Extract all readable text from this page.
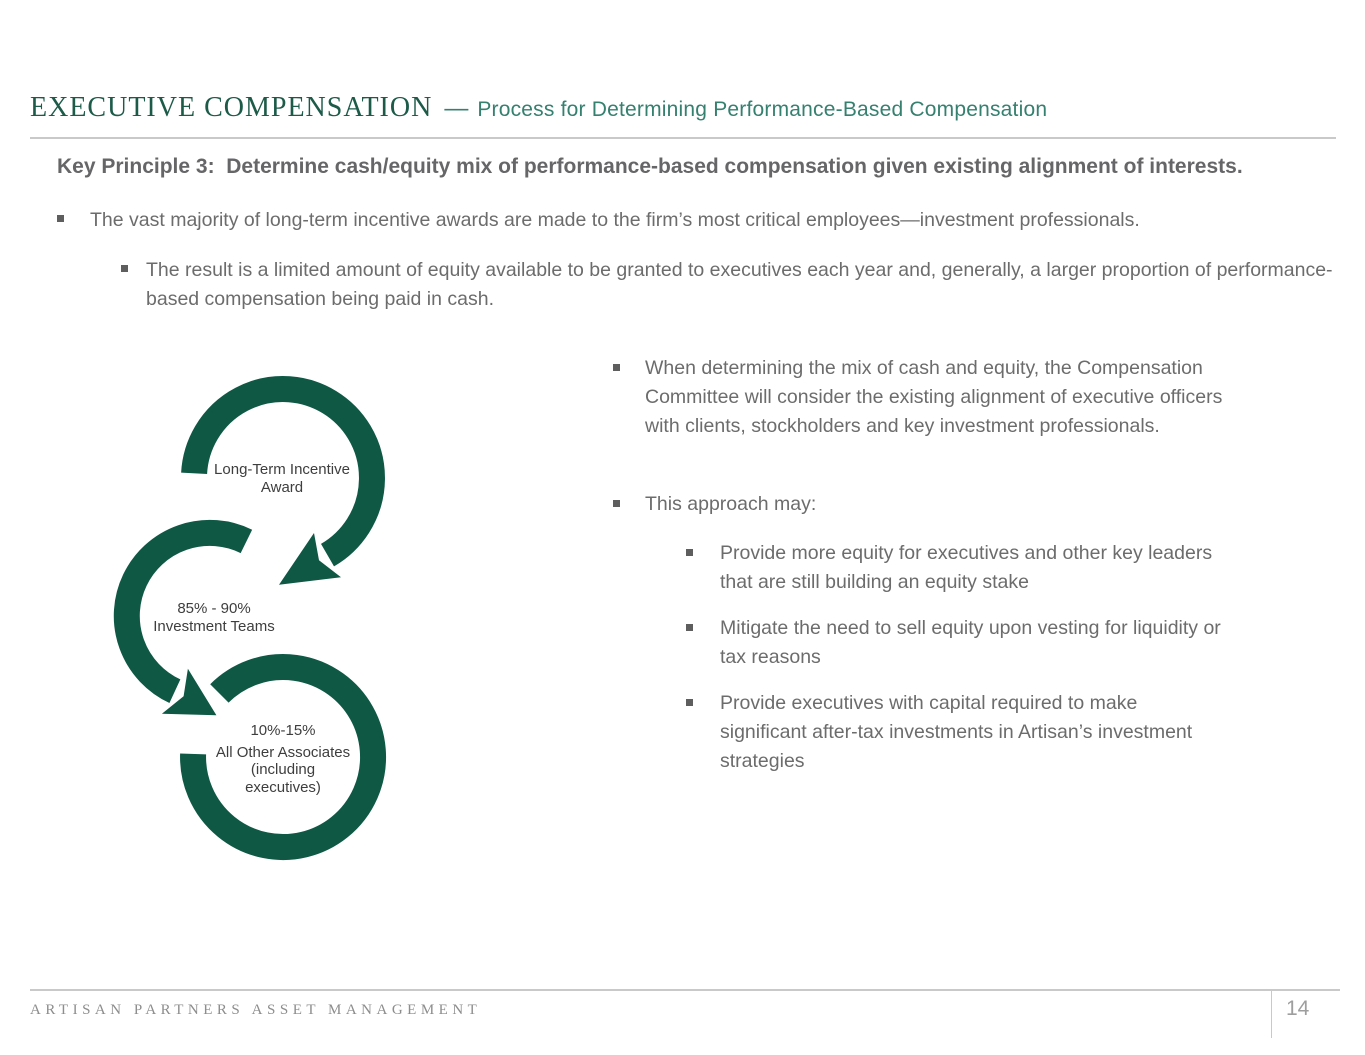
EXECUTIVE COMPENSATION — Process for Determining Performance-Based Compensation
Key Principle 3:  Determine cash/equity mix of performance-based compensation given existing alignment of interests.
The vast majority of long-term incentive awards are made to the firm’s most critical employees—investment professionals.
The result is a limited amount of equity available to be granted to executives each year and, generally, a larger proportion of performance-based compensation being paid in cash.
Long-Term Incentive
Award
85% - 90%
Investment Teams
10%-15%
All Other Associates
(including
executives)
When determining the mix of cash and equity, the Compensation Committee will consider the existing alignment of executive officers with clients, stockholders and key investment professionals.
This approach may:
Provide more equity for executives and other key leaders that are still building an equity stake
Mitigate the need to sell equity upon vesting for liquidity or tax reasons
Provide executives with capital required to make significant after-tax investments in Artisan’s investment strategies
ARTISAN PARTNERS ASSET MANAGEMENT	14
